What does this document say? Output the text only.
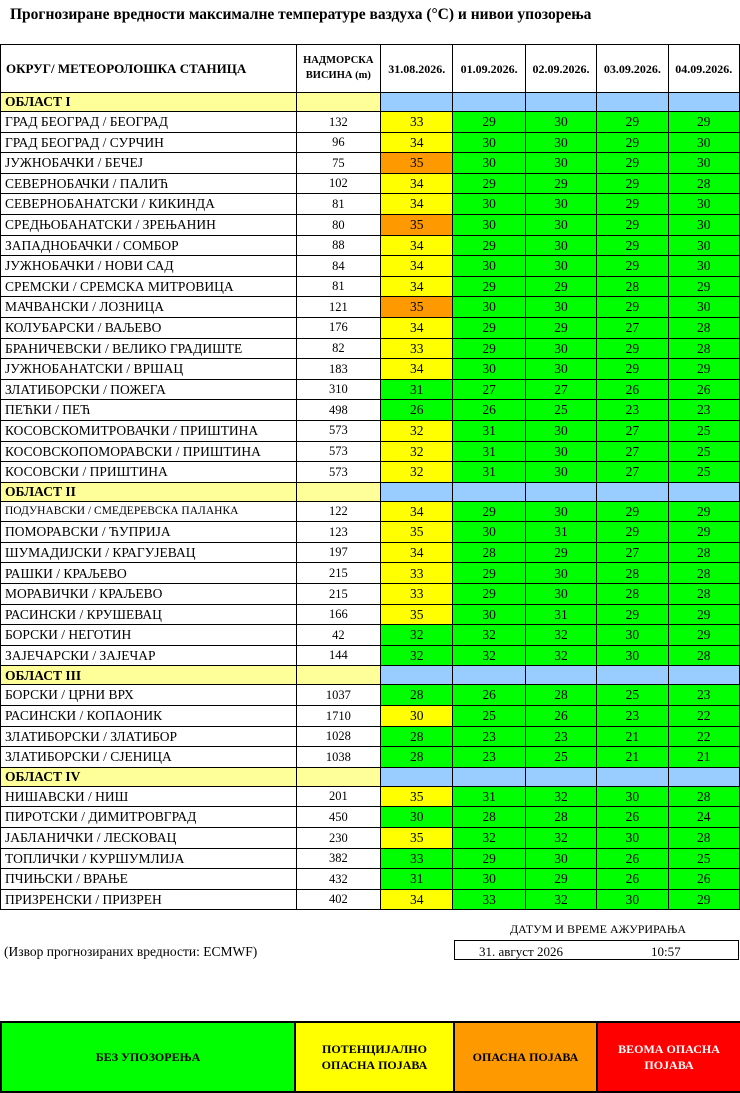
Прогнозиране вредности максималне температуре ваздуха (°С) и нивои упозорења
ОКРУГ/ МЕТЕОРОЛОШКА СТАНИЦА	НАДМОРСКА
ВИСИНА (m)	31.08.2026.	01.09.2026.	02.09.2026.	03.09.2026.	04.09.2026.
ОБЛАСТ I						
ГРАД БЕОГРАД / БЕОГРАД	132	33	29	30	29	29
ГРАД БЕОГРАД / СУРЧИН	96	34	30	30	29	30
ЈУЖНОБАЧКИ / БЕЧЕЈ	75	35	30	30	29	30
СЕВЕРНОБАЧКИ / ПАЛИЋ	102	34	29	29	29	28
СЕВЕРНОБАНАТСКИ / КИКИНДА	81	34	30	30	29	30
СРЕДЊОБАНАТСКИ / ЗРЕЊАНИН	80	35	30	30	29	30
ЗАПАДНОБАЧКИ / СОМБОР	88	34	29	30	29	30
ЈУЖНОБАЧКИ / НОВИ САД	84	34	30	30	29	30
СРЕМСКИ / СРЕМСКА МИТРОВИЦА	81	34	29	29	28	29
МАЧВАНСКИ / ЛОЗНИЦА	121	35	30	30	29	30
КОЛУБАРСКИ / ВАЉЕВО	176	34	29	29	27	28
БРАНИЧЕВСКИ / ВЕЛИКО ГРАДИШТЕ	82	33	29	30	29	28
ЈУЖНОБАНАТСКИ / ВРШАЦ	183	34	30	30	29	29
ЗЛАТИБОРСКИ / ПОЖЕГА	310	31	27	27	26	26
ПЕЋКИ / ПЕЋ	498	26	26	25	23	23
КОСОВСКОМИТРОВАЧКИ / ПРИШТИНА	573	32	31	30	27	25
КОСОВСКОПОМОРАВСКИ / ПРИШТИНА	573	32	31	30	27	25
КОСОВСКИ / ПРИШТИНА	573	32	31	30	27	25
ОБЛАСТ II						
ПОДУНАВСКИ / СМЕДЕРЕВСКА ПАЛАНКА	122	34	29	30	29	29
ПОМОРАВСКИ / ЋУПРИЈА	123	35	30	31	29	29
ШУМАДИЈСКИ / КРАГУЈЕВАЦ	197	34	28	29	27	28
РАШКИ / КРАЉЕВО	215	33	29	30	28	28
МОРАВИЧКИ / КРАЉЕВО	215	33	29	30	28	28
РАСИНСКИ / КРУШЕВАЦ	166	35	30	31	29	29
БОРСКИ / НЕГОТИН	42	32	32	32	30	29
ЗАЈЕЧАРСКИ / ЗАЈЕЧАР	144	32	32	32	30	28
ОБЛАСТ III						
БОРСКИ / ЦРНИ ВРХ	1037	28	26	28	25	23
РАСИНСКИ / КОПАОНИК	1710	30	25	26	23	22
ЗЛАТИБОРСКИ / ЗЛАТИБОР	1028	28	23	23	21	22
ЗЛАТИБОРСКИ / СЈЕНИЦА	1038	28	23	25	21	21
ОБЛАСТ IV						
НИШАВСКИ / НИШ	201	35	31	32	30	28
ПИРОТСКИ / ДИМИТРОВГРАД	450	30	28	28	26	24
ЈАБЛАНИЧКИ / ЛЕСКОВАЦ	230	35	32	32	30	28
ТОПЛИЧКИ / КУРШУМЛИЈА	382	33	29	30	26	25
ПЧИЊСКИ / ВРАЊЕ	432	31	30	29	26	26
ПРИЗРЕНСКИ / ПРИЗРЕН	402	34	33	32	30	29
ДАТУМ И ВРЕМЕ АЖУРИРАЊА
(Извор прогнозираних вредности: ECMWF)	31. август 2026	10:57
БЕЗ УПОЗОРЕЊА

ПОТЕНЦИЈАЛНО
ОПАСНА ПОЈАВА

ОПАСНА ПОЈАВА

ВЕОМА ОПАСНА
ПОЈАВА
